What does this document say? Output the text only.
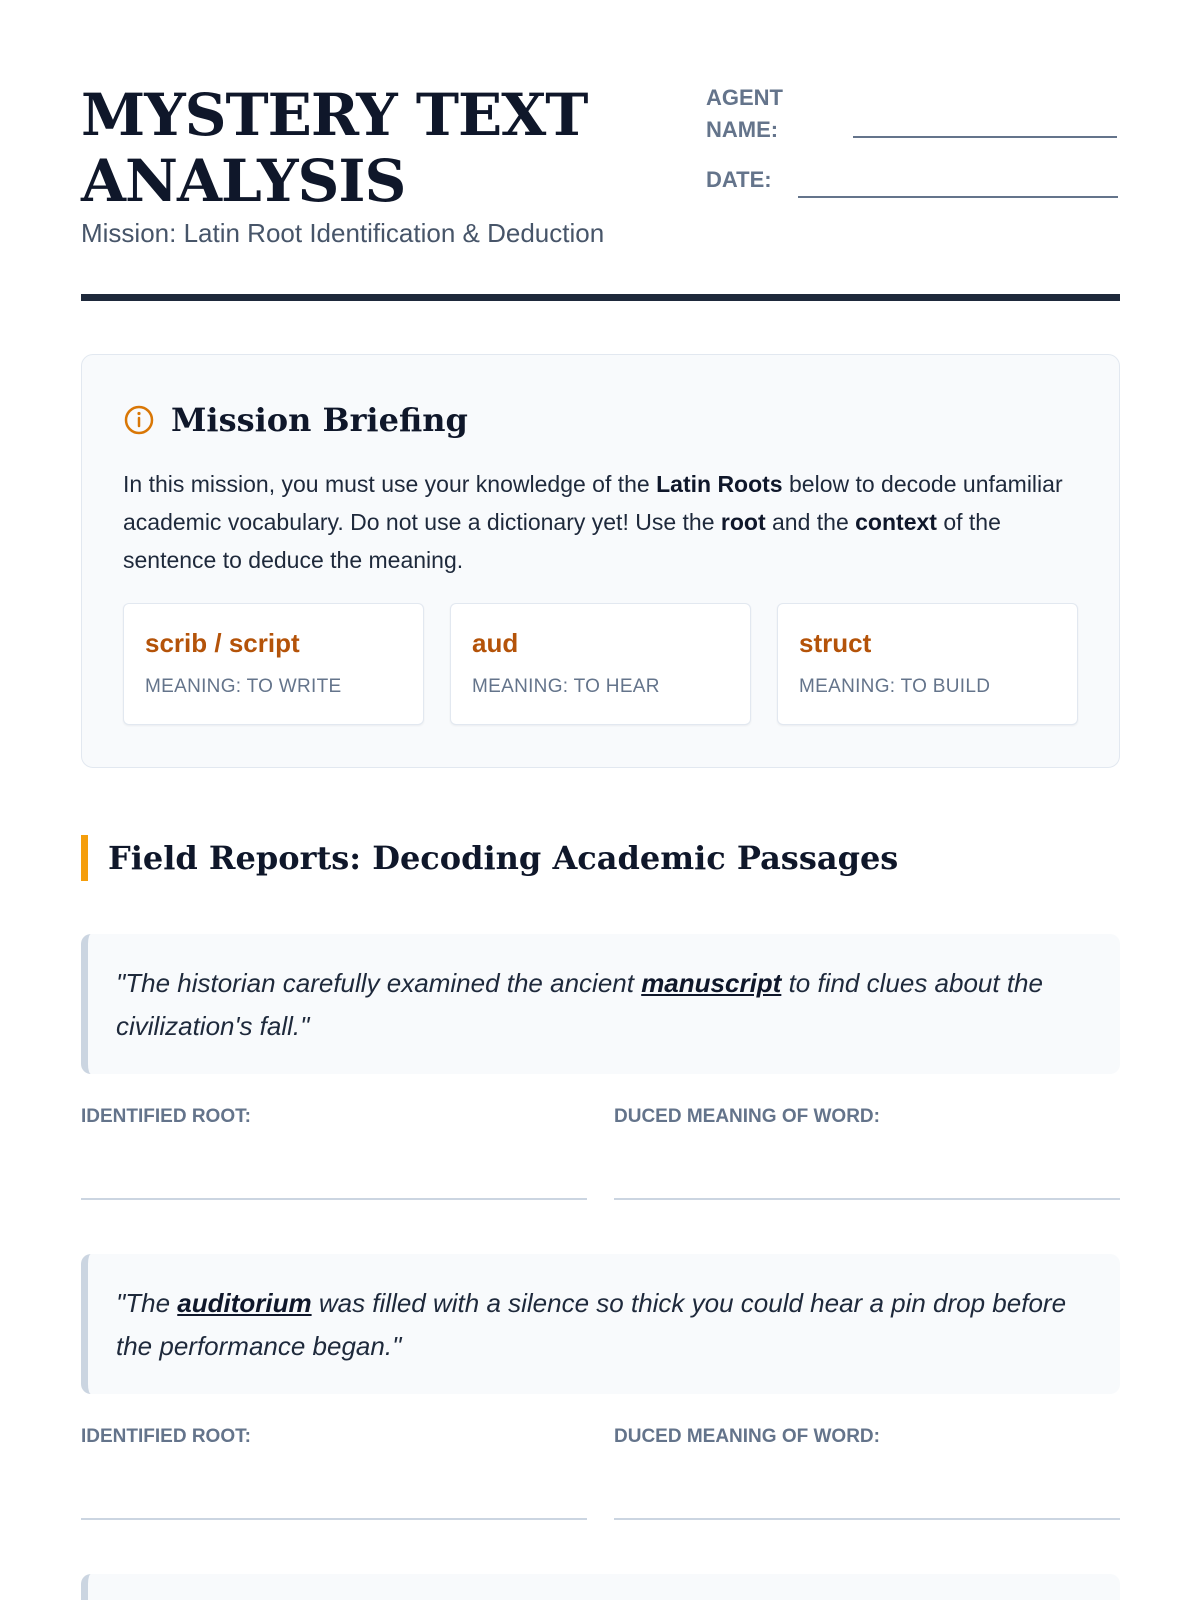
MYSTERY TEXT ANALYSIS
Mission: Latin Root Identification & Deduction
AGENT NAME:
DATE:
Mission Briefing

In this mission, you must use your knowledge of the Latin Roots below to decode unfamiliar academic vocabulary. Do not use a dictionary yet! Use the root and the context of the sentence to deduce the meaning.

scrib / script
MEANING: TO WRITE
aud
MEANING: TO HEAR
struct
MEANING: TO BUILD
Field Reports: Decoding Academic Passages

"The historian carefully examined the ancient manuscript to find clues about the civilization's fall."

IDENTIFIED ROOT:	DUCED MEANING OF WORD:

"The auditorium was filled with a silence so thick you could hear a pin drop before the performance began."

IDENTIFIED ROOT:	DUCED MEANING OF WORD:
